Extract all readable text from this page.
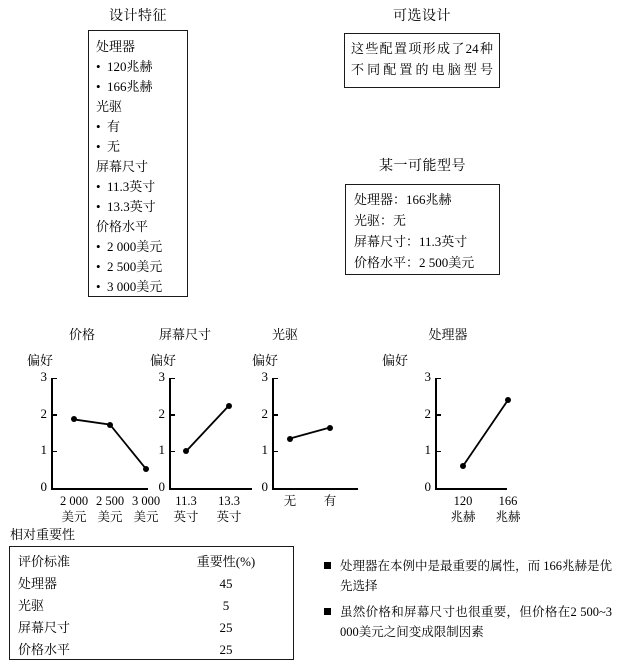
设计特征	可选设计
某一可能型号
处理器
• 120兆赫
• 166兆赫
光驱
• 有
• 无
屏幕尺寸
• 11.3英寸
• 13.3英寸
价格水平
• 2 000美元
• 2 500美元
• 3 000美元
这些配置项形成了24种不同配置的电脑型号
处理器：166兆赫
光驱：无
屏幕尺寸：11.3英寸
价格水平：2 500美元
价格
偏好
0
1
2
3
2 000
美元
2 500
美元
3 000
美元
屏幕尺寸
偏好
0
1
2
3
11.3
英寸
13.3
英寸
光驱
偏好
0
1
2
3
无	有
处理器
偏好
0
1
2
3
120
兆赫
166
兆赫
相对重要性
评价标准	重要性(%)
处理器	45
光驱	5
屏幕尺寸	25
价格水平	25
处理器在本例中是最重要的属性，而 166兆赫是优先选择
虽然价格和屏幕尺寸也很重要，但价格在2 500~3 000美元之间变成限制因素
